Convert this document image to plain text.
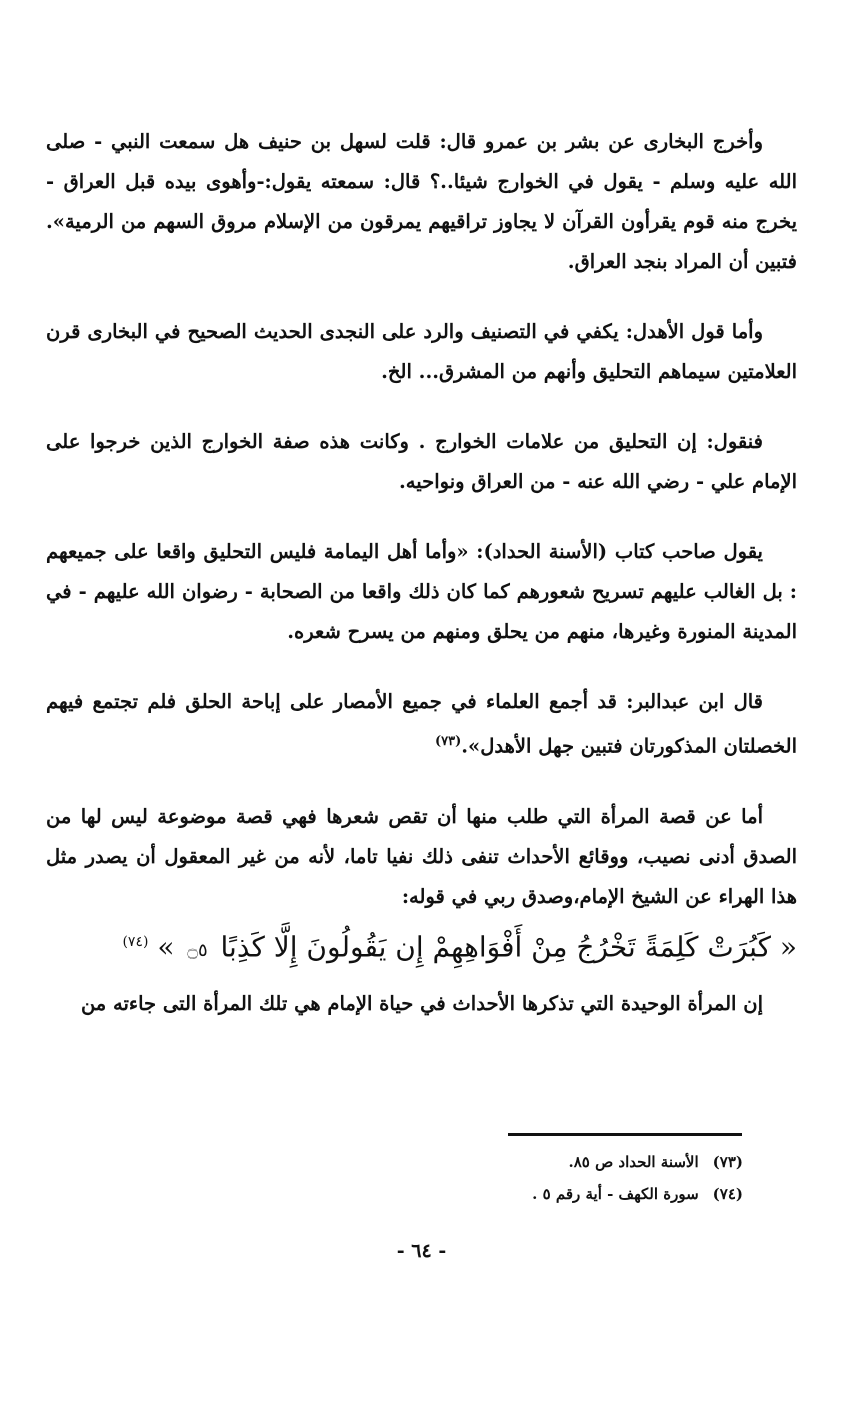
وأخرج البخارى عن بشر بن عمرو قال: قلت لسهل بن حنيف هل سمعت النبي - صلى الله عليه وسلم - يقول في الخوارج شيئا..؟ قال: سمعته يقول:-وأهوى بيده قبل العراق - يخرج منه قوم يقرأون القرآن لا يجاوز تراقيهم يمرقون من الإسلام مروق السهم من الرمية». فتبين أن المراد بنجد العراق.

وأما قول الأهدل: يكفي في التصنيف والرد على النجدى الحديث الصحيح في البخارى قرن العلامتين سيماهم التحليق وأنهم من المشرق... الخ.

فنقول: إن التحليق من علامات الخوارج . وكانت هذه صفة الخوارج الذين خرجوا على الإمام علي - رضي الله عنه - من العراق ونواحيه.

يقول صاحب كتاب (الأسنة الحداد): «وأما أهل اليمامة فليس التحليق واقعا على جميعهم : بل الغالب عليهم تسريح شعورهم كما كان ذلك واقعا من الصحابة - رضوان الله عليهم - في المدينة المنورة وغيرها، منهم من يحلق ومنهم من يسرح شعره.

قال ابن عبدالبر: قد أجمع العلماء في جميع الأمصار على إباحة الحلق فلم تجتمع فيهم الخصلتان المذكورتان فتبين جهل الأهدل».$^{(٧٣)}$

أما عن قصة المرأة التي طلب منها أن تقص شعرها فهي قصة موضوعة ليس لها من الصدق أدنى نصيب، ووقائع الأحداث تنفى ذلك نفيا تاما، لأنه من غير المعقول أن يصدر مثل هذا الهراء عن الشيخ الإمام،وصدق ربي في قوله:

« كَبُرَتْ كَلِمَةً تَخْرُجُ مِنْ أَفْوَاهِهِمْ إِن يَقُولُونَ إِلَّا كَذِبًا ۝٥ » $^{(٧٤)}$

إن المرأة الوحيدة التي تذكرها الأحداث في حياة الإمام هي تلك المرأة التى جاءته من

(٧٣)الأسنة الحداد ص ٨٥.
(٧٤)سورة الكهف - أية رقم ٥ .
- ٦٤ -
